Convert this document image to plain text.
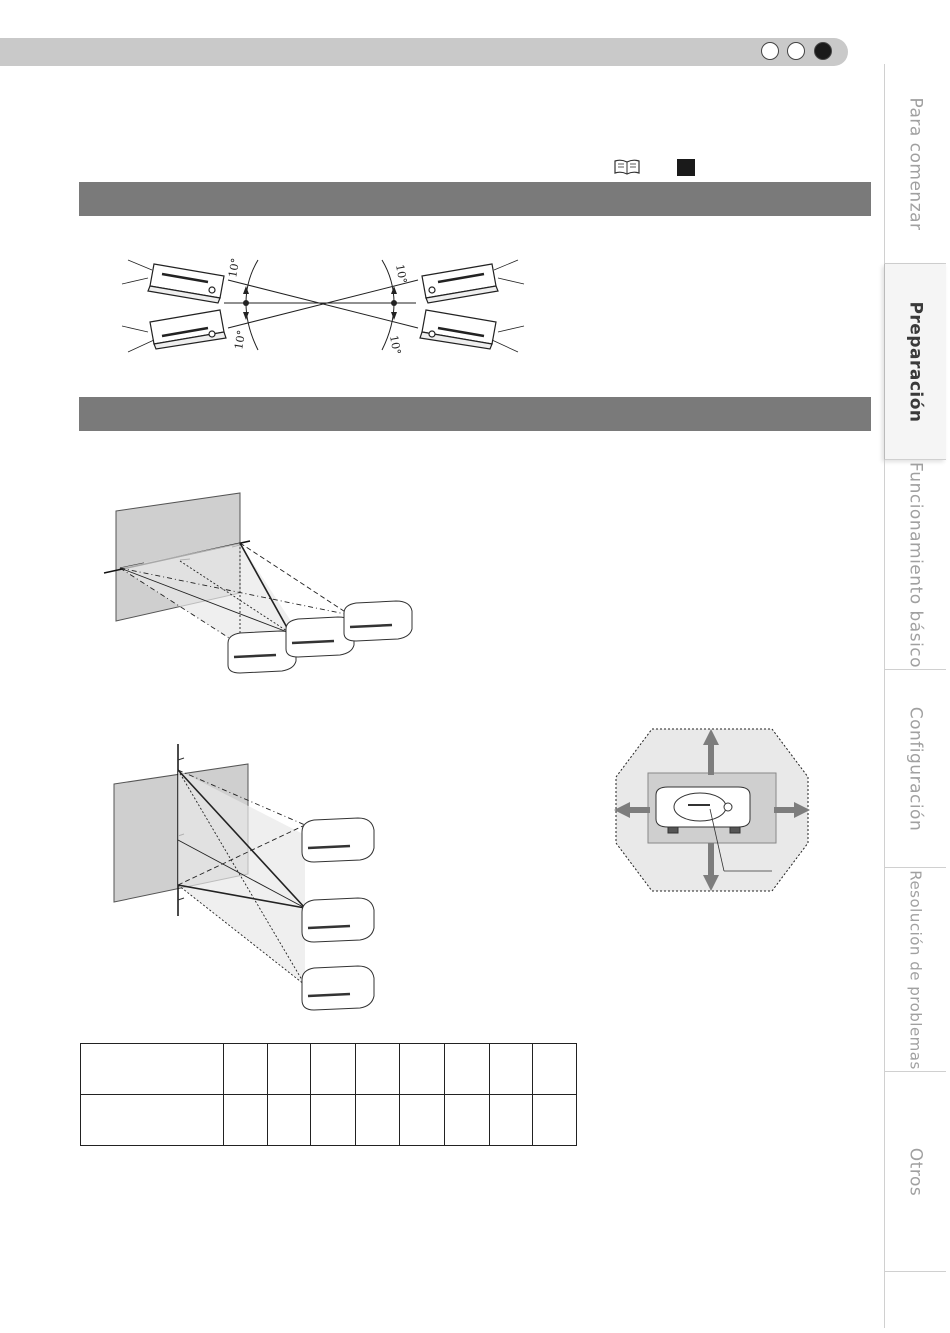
10°
10°
10°
10°

Para comenzar
Preparación
Funcionamiento básico
Configuración
Resolución de problemas
Otros
